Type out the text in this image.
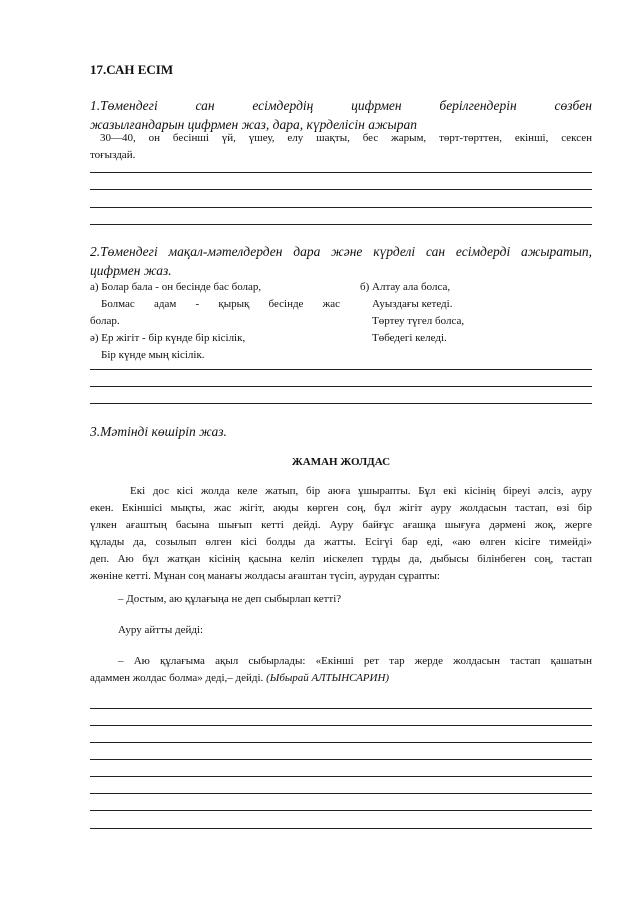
17.САН ЕСІМ
1.Төмендегі сан есімдердің цифрмен берілгендерін сөзбен
жазылғандарын цифрмен жаз, дара, күрделісін ажырап
30—40, он бесінші үй, үшеу, елу шақты, бес жарым, төрт-төрттен, екінші, сексен
тоғыздай.
2.Төмендегі мақал-мәтелдерден дара және күрделі сан есімдерді ажыратып,
цифрмен жаз.
а) Болар бала - он бесінде бас болар,
Болмас адам - қырық бесінде жас
болар.
ә) Ер жігіт - бір күнде бір кісілік,
Бір күнде мың кісілік.
б) Алтау ала болса,
Ауыздағы кетеді.
Төртеу түгел болса,
Төбедегі келеді.
3.Мәтінді көшіріп жаз.
ЖАМАН ЖОЛДАС
Екі дос кісі жолда келе жатып, бір аюға ұшырапты. Бұл екі кісінің біреуі әлсіз, ауру
екен. Екіншісі мықты, жас жігіт, аюды көрген соң, бұл жігіт ауру жолдасын тастап, өзі бір
үлкен ағаштың басына шығып кетті дейді. Ауру байғұс ағашқа шығуға дәрмені жоқ, жерге
құлады да, созылып өлген кісі болды да жатты. Есігүі бар еді, «аю өлген кісіге тимейді»
деп. Аю бұл жатқан кісінің қасына келіп иіскелеп тұрды да, дыбысы білінбеген соң, тастап
жөніне кетті. Мұнан соң манағы жолдасы ағаштан түсіп, аурудан сұрапты:
– Достым, аю құлағыңа не деп сыбырлап кетті?
Ауру айтты дейді:
– Аю құлағыма ақыл сыбырлады: «Екінші рет тар жерде жолдасын тастап қашатын
адаммен жолдас болма» деді,– дейді. (Ыбырай АЛТЫНСАРИН)
